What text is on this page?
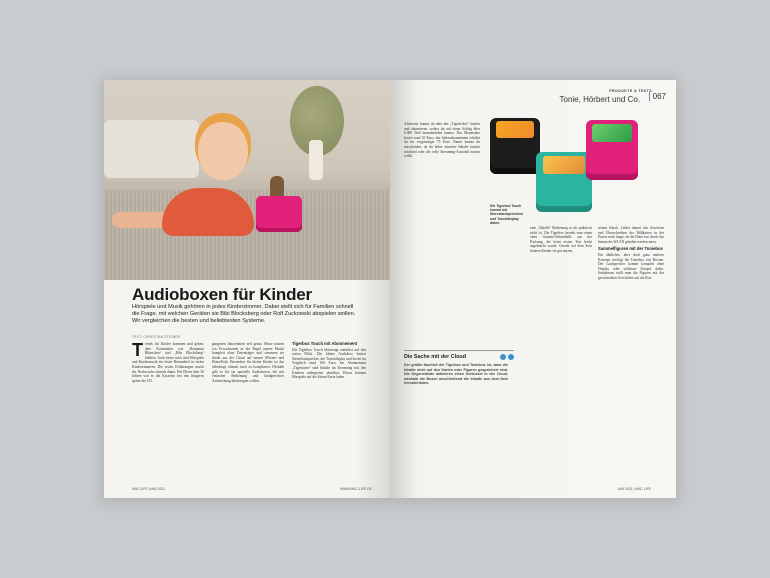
Audioboxen für Kinder
Hörspiele und Musik gehören in jedes Kinderzimmer. Dabei stellt sich für Familien schnell die Frage, mit welchen Geräten sie Bibi Blocksberg oder Rolf Zuckowski abspielen wollen. Wir vergleichen die besten und beliebtesten Systeme.
TEXT: CHRISTIAN STEINER
T rends für Kinder kommen und gehen, aber Konstanten wie „Benjamin Blümchen“ und „Bibi Blocksberg“ bleiben. Auch heute noch sind Hörspiele und Kindermusik ein fester Bestandteil in vielen Kinderzimmern. Die ersten Erfahrungen macht der Nachwuchs oftmals damit. Bei Eltern über 30 Jahren war es die Kassette, bei den Jüngeren später die CD.
gangenen Jahrzehnten viel getan. Heute nutzen wir Erwachsenen in der Regel unsere Musik komplett ohne Datenträger und streamen sie direkt aus der Cloud auf unsere iPhones und HomePods. Besonders für kleine Kinder ist das allerdings oftmals noch zu kompliziert. Deshalb gibt es für sie spezielle Audioboxen, die mit einfacher Bedienung und kindgerechter Aufmachung überzeugen wollen.
Tigerbox Touch mit Abonnement
Die Tigerbox Touch überzeugt zunächst auf den ersten Blick. Die kleine Audiobox besitzt Stereolautsprecher, der Touchdisplay und kostet im Vergleich rund 100 Euro. Im Abonnement „Tigertones“ sind Inhalte im Streaming mit den Kindern unbegrenzt abrufbar, Eltern können Hörspiele auf die kleine Karte laden.
MAC LIFE | MAI 2021	WWW.MAC-LIFE.DE
PRODUKTE & TESTS
Tonie, Hörbert und Co.	067
Alternativ kannst du aber das „Tigerticket“ kaufen und abonnieren, sodass du auf einen Schlag über 6.000 Titel herunterladen kannst. Das Monatsabo kostet rund 10 Euro, das Jahresabonnement erhältst du für vergünstigte 75 Euro. Damit kannst du entscheiden, ob du lieber einzelne Inhalte kaufen möchtest oder die volle Streaming-Auswahl nutzen willst.
Die Tigerbox Touch kommt mit Stereolautsprechern und Touchdisplay daher.
eine „Tabelle“ Bedienung so als praktisch nicht ist. Die Tigerbox besteht zum einen einer Gummi-Schutzhülle aus der Packung, die beim ersten Test leicht angebracht wurde. Gerade auf dem Sofa können Kinder sie gut nutzen.
seinen Inhalt. Leider dauert das Zuweisen und Überschreiben der Bildkarten in der Praxis recht lange, da die Datei erst durch das heimische WLAN geladen werden muss.
Sammelfiguren mit der Toniebox
Ein ähnliches, aber doch ganz anderes Konzept verfolgt die Toniebox von Boxine. Der Lautsprecher kommt komplett ohne Display oder sichtbare Knöpfe daher. Stattdessen stellt man die Figuren mit der gewünschten Geschichte auf die Box.
Die Sache mit der Cloud
Der größte Nachteil der Tigerbox und Toniebox ist, dass die Inhalte nicht auf den Karten oder Figuren gespeichert sind. Die Gegenstände aktivieren einen Schlüssel in der Cloud, weshalb die Boxen anschließend die Inhalte aus dem Netz herunterladen.
MAI 2021 | MAC LIFE
